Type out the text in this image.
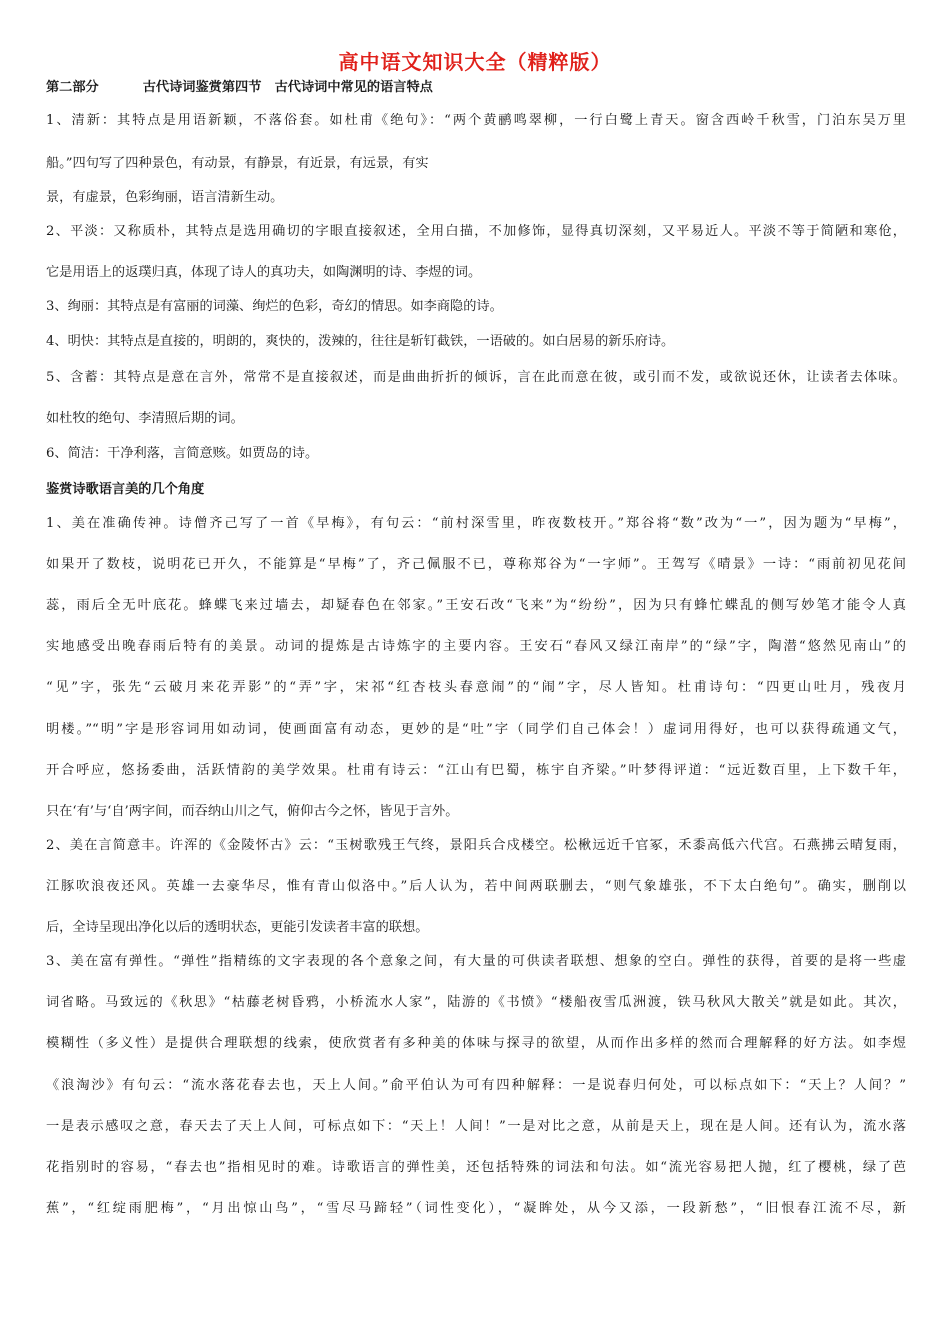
高中语文知识大全（精粹版）
第二部分	古代诗词鉴赏第四节　古代诗词中常见的语言特点
1、清新：其特点是用语新颖，不落俗套。如杜甫《绝句》：“两个黄鹂鸣翠柳，一行白鹭上青天。窗含西岭千秋雪，门泊东吴万里
船。”四句写了四种景色，有动景，有静景，有近景，有远景，有实
景，有虚景，色彩绚丽，语言清新生动。
2、平淡：又称质朴，其特点是选用确切的字眼直接叙述，全用白描，不加修饰，显得真切深刻，又平易近人。平淡不等于简陋和寒伧，
它是用语上的返璞归真，体现了诗人的真功夫，如陶渊明的诗、李煜的词。
3、绚丽：其特点是有富丽的词藻、绚烂的色彩，奇幻的情思。如李商隐的诗。
4、明快：其特点是直接的，明朗的，爽快的，泼辣的，往往是斩钉截铁，一语破的。如白居易的新乐府诗。
5、含蓄：其特点是意在言外，常常不是直接叙述，而是曲曲折折的倾诉，言在此而意在彼，或引而不发，或欲说还休，让读者去体味。
如杜牧的绝句、李清照后期的词。
6、简洁：干净利落，言简意赅。如贾岛的诗。
鉴赏诗歌语言美的几个角度
1、美在准确传神。诗僧齐己写了一首《早梅》，有句云：“前村深雪里，昨夜数枝开。”郑谷将“数”改为“一”，因为题为“早梅”，
如果开了数枝，说明花已开久，不能算是“早梅”了，齐己佩服不已，尊称郑谷为“一字师”。王驾写《晴景》一诗：“雨前初见花间
蕊，雨后全无叶底花。蜂蝶飞来过墙去，却疑春色在邻家。”王安石改“飞来”为“纷纷”，因为只有蜂忙蝶乱的侧写妙笔才能令人真
实地感受出晚春雨后特有的美景。动词的提炼是古诗炼字的主要内容。王安石“春风又绿江南岸”的“绿”字，陶潜“悠然见南山”的
“见”字，张先“云破月来花弄影”的“弄”字，宋祁“红杏枝头春意闹”的“闹”字，尽人皆知。杜甫诗句：“四更山吐月，残夜月
明楼。”“明”字是形容词用如动词，使画面富有动态，更妙的是“吐”字（同学们自己体会！）虚词用得好，也可以获得疏通文气，
开合呼应，悠扬委曲，活跃情韵的美学效果。杜甫有诗云：“江山有巴蜀，栋宇自齐梁。”叶梦得评道：“远近数百里，上下数千年，
只在‘有’与‘自’两字间，而吞纳山川之气，俯仰古今之怀，皆见于言外。
2、美在言简意丰。许浑的《金陵怀古》云：“玉树歌残王气终，景阳兵合戍楼空。松楸远近千官冢，禾黍高低六代宫。石燕拂云晴复雨，
江豚吹浪夜还风。英雄一去豪华尽，惟有青山似洛中。”后人认为，若中间两联删去，“则气象雄张，不下太白绝句”。确实，删削以
后，全诗呈现出净化以后的透明状态，更能引发读者丰富的联想。
3、美在富有弹性。“弹性”指精练的文字表现的各个意象之间，有大量的可供读者联想、想象的空白。弹性的获得，首要的是将一些虚
词省略。马致远的《秋思》“枯藤老树昏鸦，小桥流水人家”，陆游的《书愤》“楼船夜雪瓜洲渡，铁马秋风大散关”就是如此。其次，
模糊性（多义性）是提供合理联想的线索，使欣赏者有多种美的体味与探寻的欲望，从而作出多样的然而合理解释的好方法。如李煜
《浪淘沙》有句云：“流水落花春去也，天上人间。”俞平伯认为可有四种解释：一是说春归何处，可以标点如下：“天上？人间？”
一是表示感叹之意，春天去了天上人间，可标点如下：“天上！人间！”一是对比之意，从前是天上，现在是人间。还有认为，流水落
花指别时的容易，“春去也”指相见时的难。诗歌语言的弹性美，还包括特殊的词法和句法。如“流光容易把人抛，红了樱桃，绿了芭
蕉”，“红绽雨肥梅”，“月出惊山鸟”，“雪尽马蹄轻”（词性变化），“凝眸处，从今又添，一段新愁”，“旧恨春江流不尽，新
